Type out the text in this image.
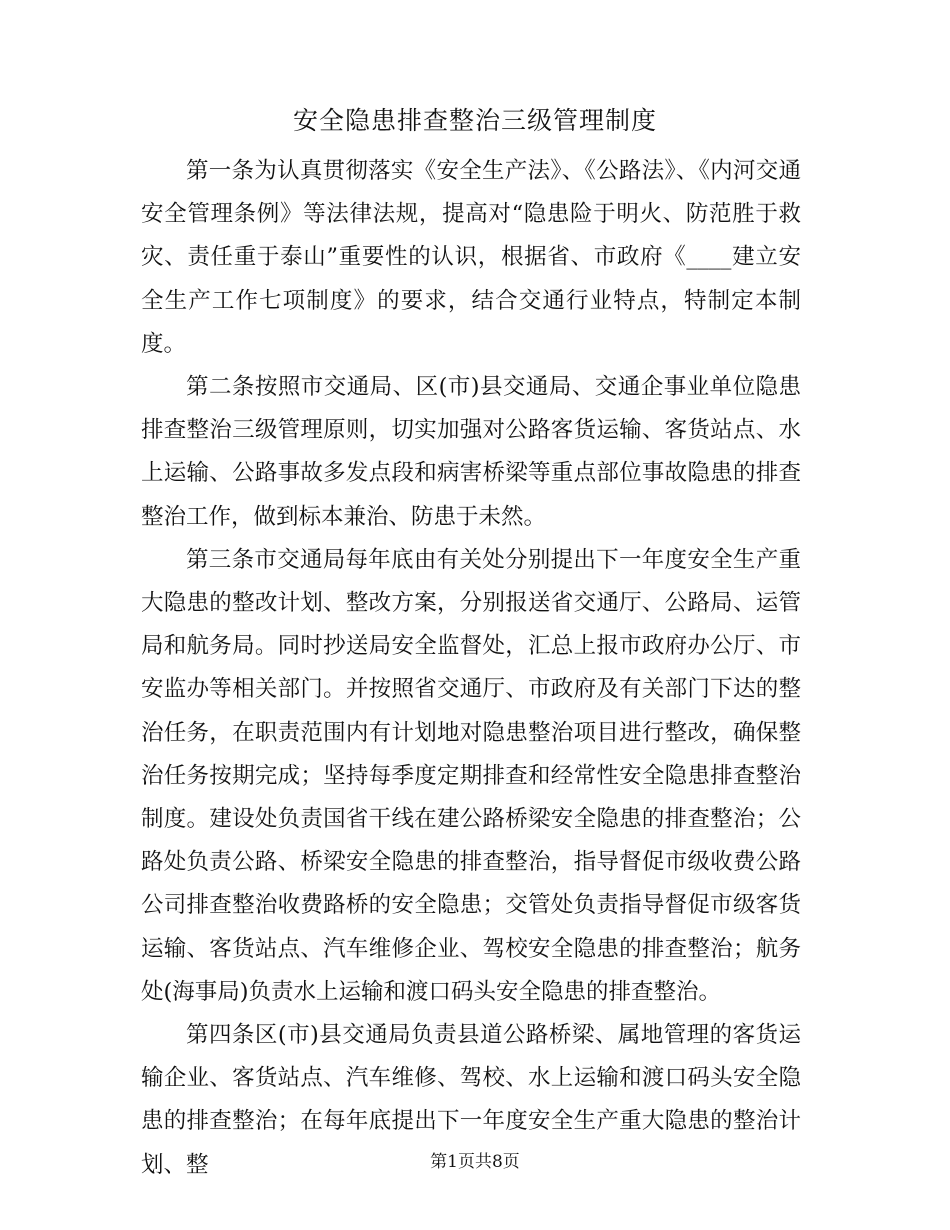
安全隐患排查整治三级管理制度

第一条为认真贯彻落实《安全生产法》、《公路法》、《内河交通安全管理条例》等法律法规，提高对“隐患险于明火、防范胜于救灾、责任重于泰山”重要性的认识，根据省、市政府《____建立安全生产工作七项制度》的要求，结合交通行业特点，特制定本制度。

第二条按照市交通局、区(市)县交通局、交通企事业单位隐患排查整治三级管理原则，切实加强对公路客货运输、客货站点、水上运输、公路事故多发点段和病害桥梁等重点部位事故隐患的排查整治工作，做到标本兼治、防患于未然。

第三条市交通局每年底由有关处分别提出下一年度安全生产重大隐患的整改计划、整改方案，分别报送省交通厅、公路局、运管局和航务局。同时抄送局安全监督处，汇总上报市政府办公厅、市安监办等相关部门。并按照省交通厅、市政府及有关部门下达的整治任务，在职责范围内有计划地对隐患整治项目进行整改，确保整治任务按期完成；坚持每季度定期排查和经常性安全隐患排查整治制度。建设处负责国省干线在建公路桥梁安全隐患的排查整治；公路处负责公路、桥梁安全隐患的排查整治，指导督促市级收费公路公司排查整治收费路桥的安全隐患；交管处负责指导督促市级客货运输、客货站点、汽车维修企业、驾校安全隐患的排查整治；航务处(海事局)负责水上运输和渡口码头安全隐患的排查整治。

第四条区(市)县交通局负责县道公路桥梁、属地管理的客货运输企业、客货站点、汽车维修、驾校、水上运输和渡口码头安全隐患的排查整治；在每年底提出下一年度安全生产重大隐患的整治计划、整	第1页共8页
